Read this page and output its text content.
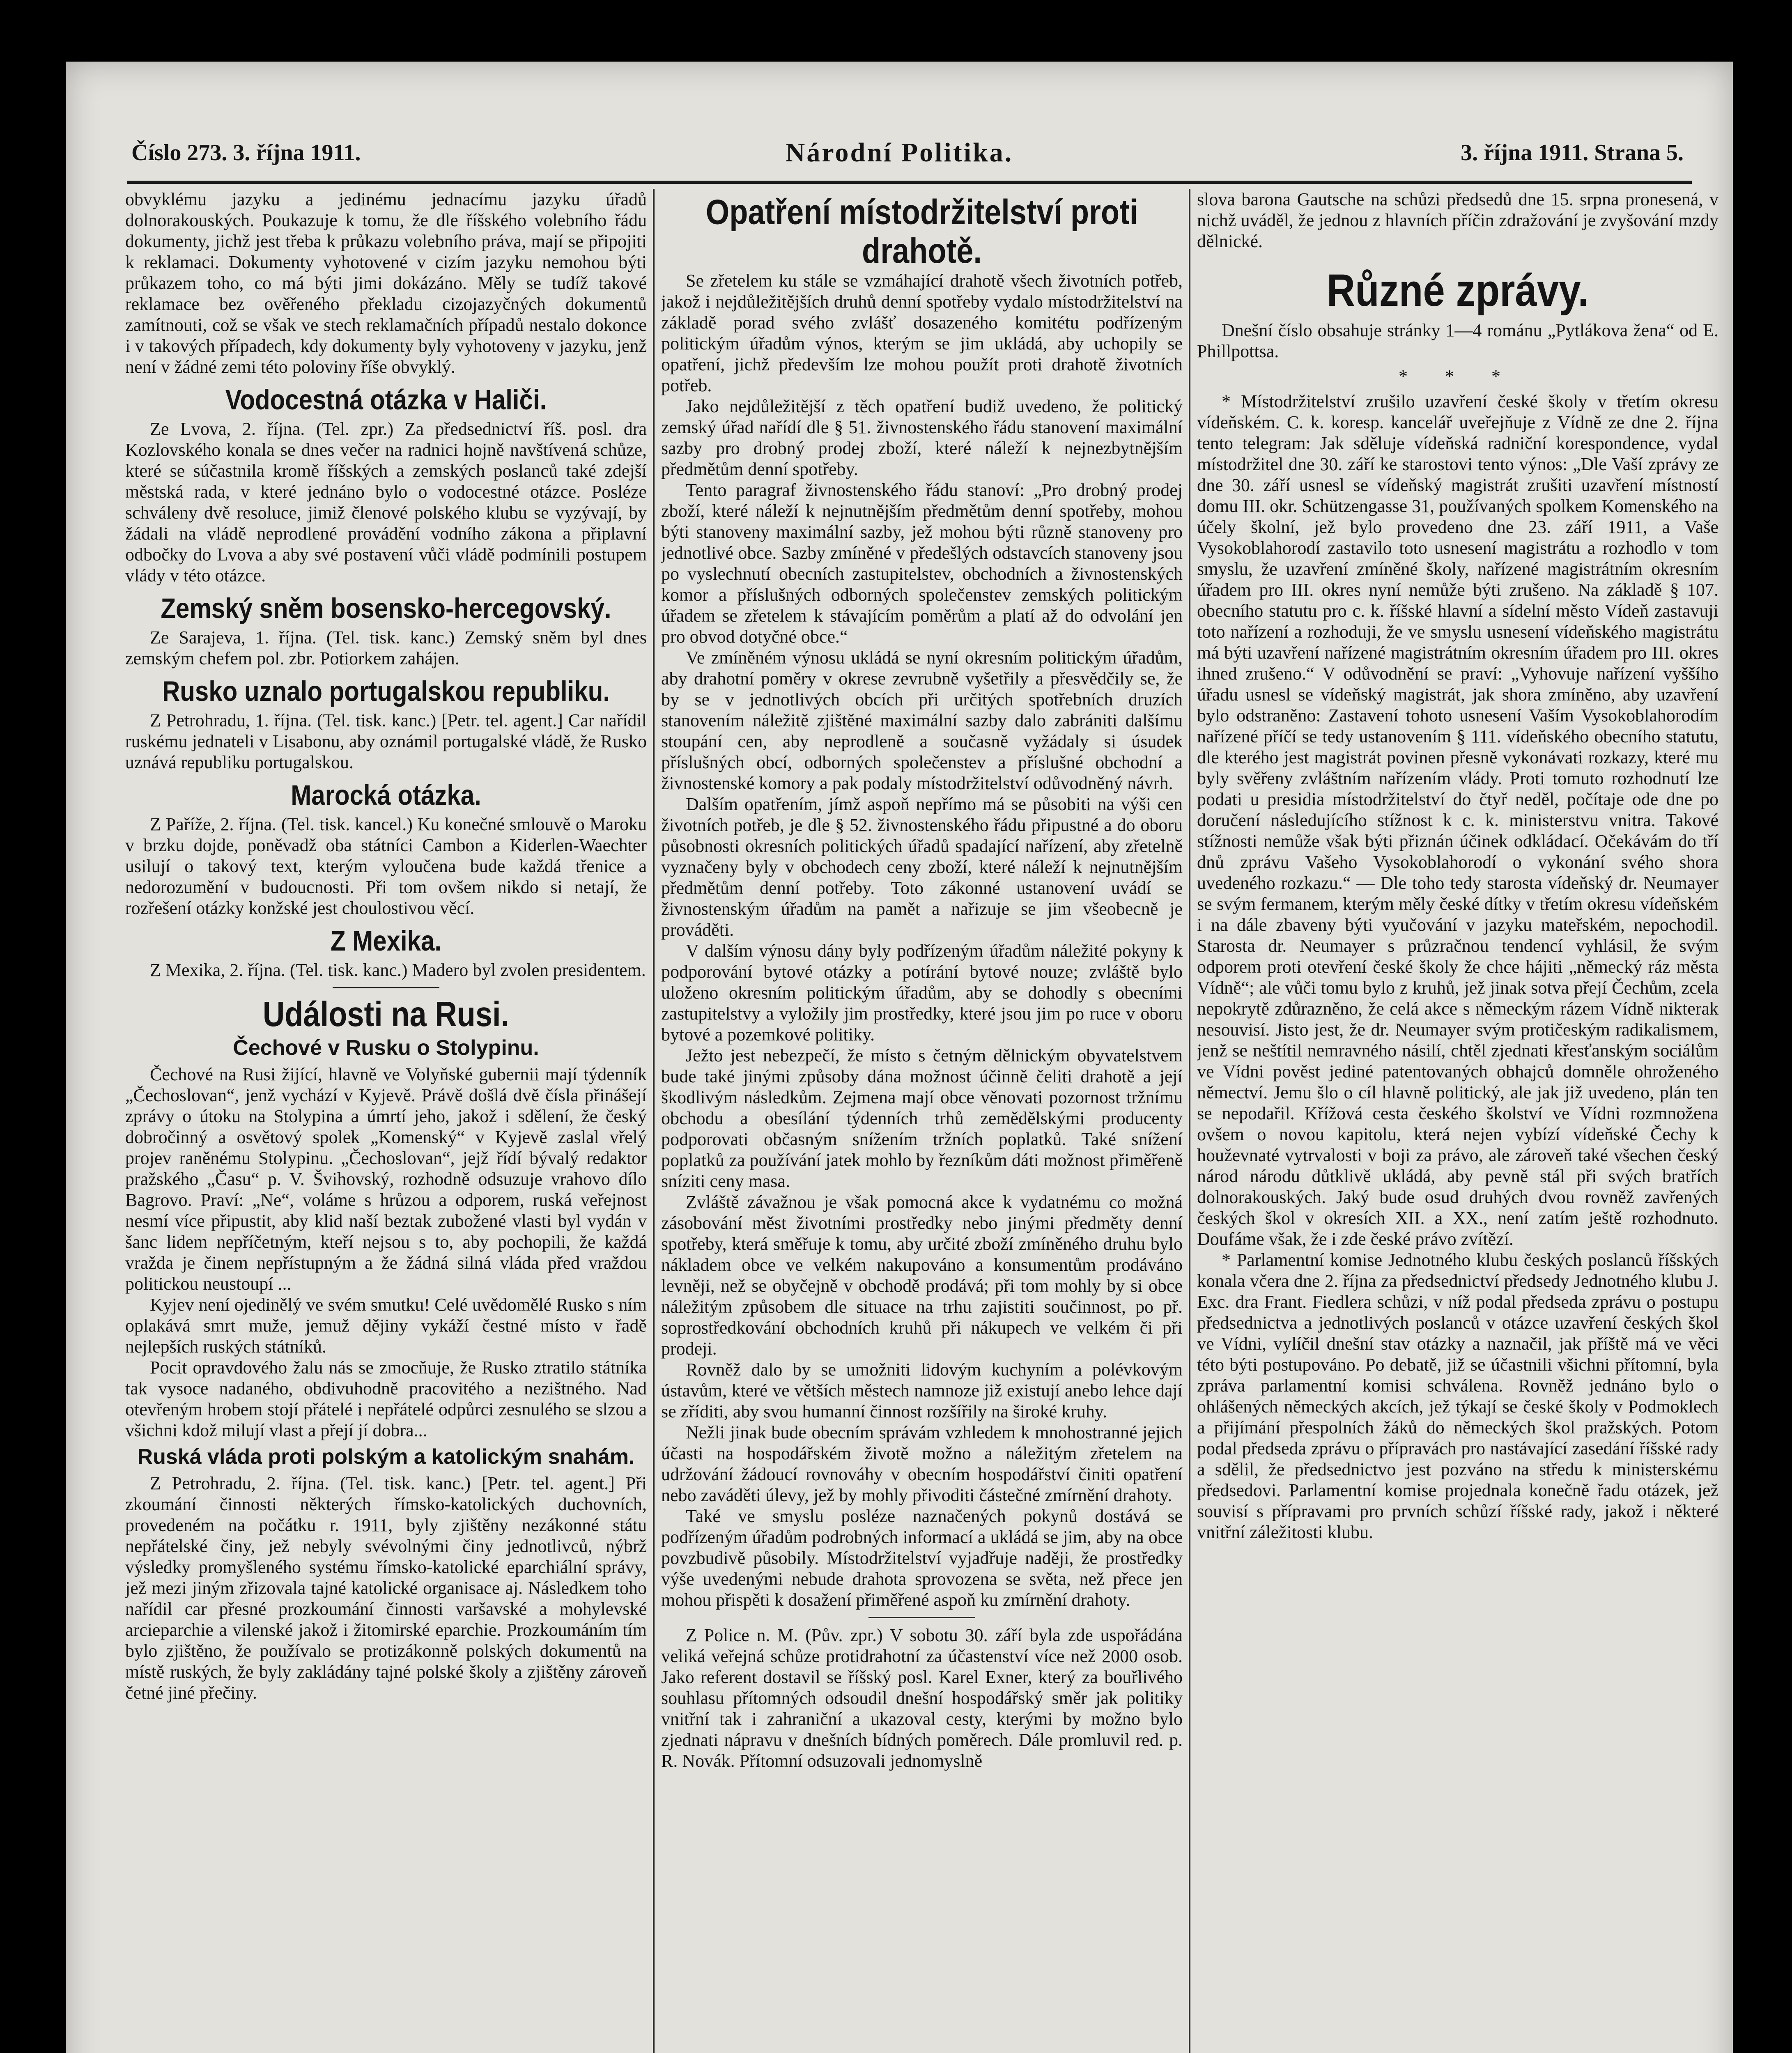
Číslo 273. 3. října 1911.	Národní Politika.	3. října 1911. Strana 5.

obvyklému jazyku a jedinému jednacímu jazyku úřadů dolnorakouských. Poukazuje k tomu, že dle říšského volebního řádu dokumenty, jichž jest třeba k průkazu volebního práva, mají se připojiti k reklamaci. Dokumenty vyhotovené v cizím jazyku nemohou býti průkazem toho, co má býti jimi dokázáno. Měly se tudíž takové reklamace bez ověřeného překladu cizojazyčných dokumentů zamítnouti, což se však ve stech reklamačních případů nestalo dokonce i v takových případech, kdy dokumenty byly vyhotoveny v jazyku, jenž není v žádné zemi této poloviny říše obvyklý.

Vodocestná otázka v Haliči.

Ze Lvova, 2. října. (Tel. zpr.) Za předsednictví říš. posl. dra Kozlovského konala se dnes večer na radnici hojně navštívená schůze, které se súčastnila kromě říšských a zemských poslanců také zdejší městská rada, v které jednáno bylo o vodocestné otázce. Posléze schváleny dvě resoluce, jimiž členové polského klubu se vyzývají, by žádali na vládě neprodlené provádění vodního zákona a připlavní odbočky do Lvova a aby své postavení vůči vládě podmínili postupem vlády v této otázce.

Zemský sněm bosensko-hercegovský.

Ze Sarajeva, 1. října. (Tel. tisk. kanc.) Zemský sněm byl dnes zemským chefem pol. zbr. Potiorkem zahájen.

Rusko uznalo portugalskou republiku.

Z Petrohradu, 1. října. (Tel. tisk. kanc.) [Petr. tel. agent.] Car nařídil ruskému jednateli v Lisabonu, aby oznámil portugalské vládě, že Rusko uznává republiku portugalskou.

Marocká otázka.

Z Paříže, 2. října. (Tel. tisk. kancel.) Ku konečné smlouvě o Maroku v brzku dojde, poněvadž oba státníci Cambon a Kiderlen-Waechter usilují o takový text, kterým vyloučena bude každá třenice a nedorozumění v budoucnosti. Při tom ovšem nikdo si netají, že rozřešení otázky konžské jest choulostivou věcí.

Z Mexika.

Z Mexika, 2. října. (Tel. tisk. kanc.) Madero byl zvolen presidentem.

Události na Rusi.
Čechové v Rusku o Stolypinu.

Čechové na Rusi žijící, hlavně ve Volyňské gubernii mají týdenník „Čechoslovan“, jenž vychází v Kyjevě. Právě došlá dvě čísla přinášejí zprávy o útoku na Stolypina a úmrtí jeho, jakož i sdělení, že český dobročinný a osvětový spolek „Komenský“ v Kyjevě zaslal vřelý projev raněnému Stolypinu. „Čechoslovan“, jejž řídí bývalý redaktor pražského „Času“ p. V. Švihovský, rozhodně odsuzuje vrahovo dílo Bagrovo. Praví: „Ne“, voláme s hrůzou a odporem, ruská veřejnost nesmí více připustit, aby klid naší beztak zubožené vlasti byl vydán v šanc lidem nepříčetným, kteří nejsou s to, aby pochopili, že každá vražda je činem nepřístupným a že žádná silná vláda před vraždou politickou neustoupí ...

Kyjev není ojedinělý ve svém smutku! Celé uvědomělé Rusko s ním oplakává smrt muže, jemuž dějiny vykáží čestné místo v řadě nejlepších ruských státníků.

Pocit opravdového žalu nás se zmocňuje, že Rusko ztratilo státníka tak vysoce nadaného, obdivuhodně pracovitého a nezištného. Nad otevřeným hrobem stojí přátelé i nepřátelé odpůrci zesnulého se slzou a všichni kdož milují vlast a přejí jí dobra...

Ruská vláda proti polským a katolickým snahám.

Z Petrohradu, 2. října. (Tel. tisk. kanc.) [Petr. tel. agent.] Při zkoumání činnosti některých římsko-katolických duchovních, provedeném na počátku r. 1911, byly zjištěny nezákonné státu nepřátelské činy, jež nebyly svévolnými činy jednotlivců, nýbrž výsledky promyšleného systému římsko-katolické eparchiální správy, jež mezi jiným zřizovala tajné katolické organisace aj. Následkem toho nařídil car přesné prozkoumání činnosti varšavské a mohylevské arcieparchie a vilenské jakož i žitomirské eparchie. Prozkoumáním tím bylo zjištěno, že používalo se protizákonně polských dokumentů na místě ruských, že byly zakládány tajné polské školy a zjištěny zároveň četné jiné přečiny.

Opatření místodržitelství proti drahotě.

Se zřetelem ku stále se vzmáhající drahotě všech životních potřeb, jakož i nejdůležitějších druhů denní spotřeby vydalo místodržitelství na základě porad svého zvlášť dosazeného komitétu podřízeným politickým úřadům výnos, kterým se jim ukládá, aby uchopily se opatření, jichž především lze mohou použít proti drahotě životních potřeb.

Jako nejdůležitější z těch opatření budiž uvedeno, že politický zemský úřad nařídí dle § 51. živnostenského řádu stanovení maximální sazby pro drobný prodej zboží, které náleží k nejnezbytnějším předmětům denní spotřeby.

Tento paragraf živnostenského řádu stanoví: „Pro drobný prodej zboží, které náleží k nejnutnějším předmětům denní spotřeby, mohou býti stanoveny maximální sazby, jež mohou býti různě stanoveny pro jednotlivé obce. Sazby zmíněné v předešlých odstavcích stanoveny jsou po vyslechnutí obecních zastupitelstev, obchodních a živnostenských komor a příslušných odborných společenstev zemských politickým úřadem se zřetelem k stávajícím poměrům a platí až do odvolání jen pro obvod dotyčné obce.“

Ve zmíněném výnosu ukládá se nyní okresním politickým úřadům, aby drahotní poměry v okrese zevrubně vyšetřily a přesvědčily se, že by se v jednotlivých obcích při určitých spotřebních druzích stanovením náležitě zjištěné maximální sazby dalo zabrániti dalšímu stoupání cen, aby neprodleně a současně vyžádaly si úsudek příslušných obcí, odborných společenstev a příslušné obchodní a živnostenské komory a pak podaly místodržitelství odůvodněný návrh.

Dalším opatřením, jímž aspoň nepřímo má se působiti na výši cen životních potřeb, je dle § 52. živnostenského řádu připustné a do oboru působnosti okresních politických úřadů spadající nařízení, aby zřetelně vyznačeny byly v obchodech ceny zboží, které náleží k nejnutnějším předmětům denní potřeby. Toto zákonné ustanovení uvádí se živnostenským úřadům na pamět a nařizuje se jim všeobecně je prováděti.

V dalším výnosu dány byly podřízeným úřadům náležité pokyny k podporování bytové otázky a potírání bytové nouze; zvláště bylo uloženo okresním politickým úřadům, aby se dohodly s obecními zastupitelstvy a vyložily jim prostředky, které jsou jim po ruce v oboru bytové a pozemkové politiky.

Ježto jest nebezpečí, že místo s četným dělnickým obyvatelstvem bude také jinými způsoby dána možnost účinně čeliti drahotě a její škodlivým následkům. Zejmena mají obce věnovati pozornost tržnímu obchodu a obesílání týdenních trhů zemědělskými producenty podporovati občasným snížením tržních poplatků. Také snížení poplatků za používání jatek mohlo by řezníkům dáti možnost přiměřeně sníziti ceny masa.

Zvláště závažnou je však pomocná akce k vydatnému co možná zásobování měst životními prostředky nebo jinými předměty denní spotřeby, která směřuje k tomu, aby určité zboží zmíněného druhu bylo nákladem obce ve velkém nakupováno a konsumentům prodáváno levněji, než se obyčejně v obchodě prodává; při tom mohly by si obce náležitým způsobem dle situace na trhu zajistiti součinnost, po př. soprostředkování obchodních kruhů při nákupech ve velkém či při prodeji.

Rovněž dalo by se umožniti lidovým kuchyním a polévkovým ústavům, které ve větších městech namnoze již existují anebo lehce dají se zříditi, aby svou humanní činnost rozšířily na široké kruhy.

Nežli jinak bude obecním správám vzhledem k mnohostranné jejich účasti na hospodářském životě možno a náležitým zřetelem na udržování žádoucí rovnováhy v obecním hospodářství činiti opatření nebo zaváděti úlevy, jež by mohly přivoditi částečné zmírnění drahoty.

Také ve smyslu posléze naznačených pokynů dostává se podřízeným úřadům podrobných informací a ukládá se jim, aby na obce povzbudivě působily. Místodržitelství vyjadřuje naději, že prostředky výše uvedenými nebude drahota sprovozena se světa, než přece jen mohou přispěti k dosažení přiměřené aspoň ku zmírnění drahoty.

Z Police n. M. (Pův. zpr.) V sobotu 30. září byla zde uspořádána veliká veřejná schůze protidrahotní za účastenství více než 2000 osob. Jako referent dostavil se říšský posl. Karel Exner, který za bouřlivého souhlasu přítomných odsoudil dnešní hospodářský směr jak politiky vnitřní tak i zahraniční a ukazoval cesty, kterými by možno bylo zjednati nápravu v dnešních bídných poměrech. Dále promluvil red. p. R. Novák. Přítomní odsuzovali jednomyslně

slova barona Gautsche na schůzi předsedů dne 15. srpna pronesená, v nichž uváděl, že jednou z hlavních příčin zdražování je zvyšování mzdy dělnické.

Různé zprávy.

Dnešní číslo obsahuje stránky 1—4 románu „Pytlákova žena“ od E. Phillpottsa.

* * *

* Místodržitelství zrušilo uzavření české školy v třetím okresu vídeňském. C. k. koresp. kancelář uveřejňuje z Vídně ze dne 2. října tento telegram: Jak sděluje vídeňská radniční korespondence, vydal místodržitel dne 30. září ke starostovi tento výnos: „Dle Vaší zprávy ze dne 30. září usnesl se vídeňský magistrát zrušiti uzavření místností domu III. okr. Schützengasse 31, používaných spolkem Komenského na účely školní, jež bylo provedeno dne 23. září 1911, a Vaše Vysokoblahorodí zastavilo toto usnesení magistrátu a rozhodlo v tom smyslu, že uzavření zmíněné školy, nařízené magistrátním okresním úřadem pro III. okres nyní nemůže býti zrušeno. Na základě § 107. obecního statutu pro c. k. říšské hlavní a sídelní město Vídeň zastavuji toto nařízení a rozhoduji, že ve smyslu usnesení vídeňského magistrátu má býti uzavření nařízené magistrátním okresním úřadem pro III. okres ihned zrušeno.“ V odůvodnění se praví: „Vyhovuje nařízení vyššího úřadu usnesl se vídeňský magistrát, jak shora zmíněno, aby uzavření bylo odstraněno: Zastavení tohoto usnesení Vaším Vysokoblahorodím nařízené příčí se tedy ustanovením § 111. vídeňského obecního statutu, dle kterého jest magistrát povinen přesně vykonávati rozkazy, které mu byly svěřeny zvláštním nařízením vlády. Proti tomuto rozhodnutí lze podati u presidia místodržitelství do čtyř neděl, počítaje ode dne po doručení následujícího stížnost k c. k. ministerstvu vnitra. Takové stížnosti nemůže však býti přiznán účinek odkládací. Očekávám do tří dnů zprávu Vašeho Vysokoblahorodí o vykonání svého shora uvedeného rozkazu.“ — Dle toho tedy starosta vídeňský dr. Neumayer se svým fermanem, kterým měly české dítky v třetím okresu vídeňském i na dále zbaveny býti vyučování v jazyku mateřském, nepochodil. Starosta dr. Neumayer s průzračnou tendencí vyhlásil, že svým odporem proti otevření české školy že chce hájiti „německý ráz města Vídně“; ale vůči tomu bylo z kruhů, jež jinak sotva přejí Čechům, zcela nepokrytě zdůrazněno, že celá akce s německým rázem Vídně nikterak nesouvisí. Jisto jest, že dr. Neumayer svým protičeským radikalismem, jenž se neštítil nemravného násilí, chtěl zjednati křesťanským sociálům ve Vídni pověst jediné patentovaných obhajců domněle ohroženého němectví. Jemu šlo o cíl hlavně politický, ale jak již uvedeno, plán ten se nepodařil. Křížová cesta českého školství ve Vídni rozmnožena ovšem o novou kapitolu, která nejen vybízí vídeňské Čechy k houževnaté vytrvalosti v boji za právo, ale zároveň také všechen český národ národu důtklivě ukládá, aby pevně stál při svých bratřích dolnorakouských. Jaký bude osud druhých dvou rovněž zavřených českých škol v okresích XII. a XX., není zatím ještě rozhodnuto. Doufáme však, že i zde české právo zvítězí.

* Parlamentní komise Jednotného klubu českých poslanců říšských konala včera dne 2. října za předsednictví předsedy Jednotného klubu J. Exc. dra Frant. Fiedlera schůzi, v níž podal předseda zprávu o postupu předsednictva a jednotlivých poslanců v otázce uzavření českých škol ve Vídni, vylíčil dnešní stav otázky a naznačil, jak příště má ve věci této býti postupováno. Po debatě, již se účastnili všichni přítomní, byla zpráva parlamentní komisi schválena. Rovněž jednáno bylo o ohlášených německých akcích, jež týkají se české školy v Podmoklech a přijímání přespolních žáků do německých škol pražských. Potom podal předseda zprávu o přípravách pro nastávající zasedání říšské rady a sdělil, že předsednictvo jest pozváno na středu k ministerskému předsedovi. Parlamentní komise projednala konečně řadu otázek, jež souvisí s přípravami pro prvních schůzí říšské rady, jakož i některé vnitřní záležitosti klubu.
